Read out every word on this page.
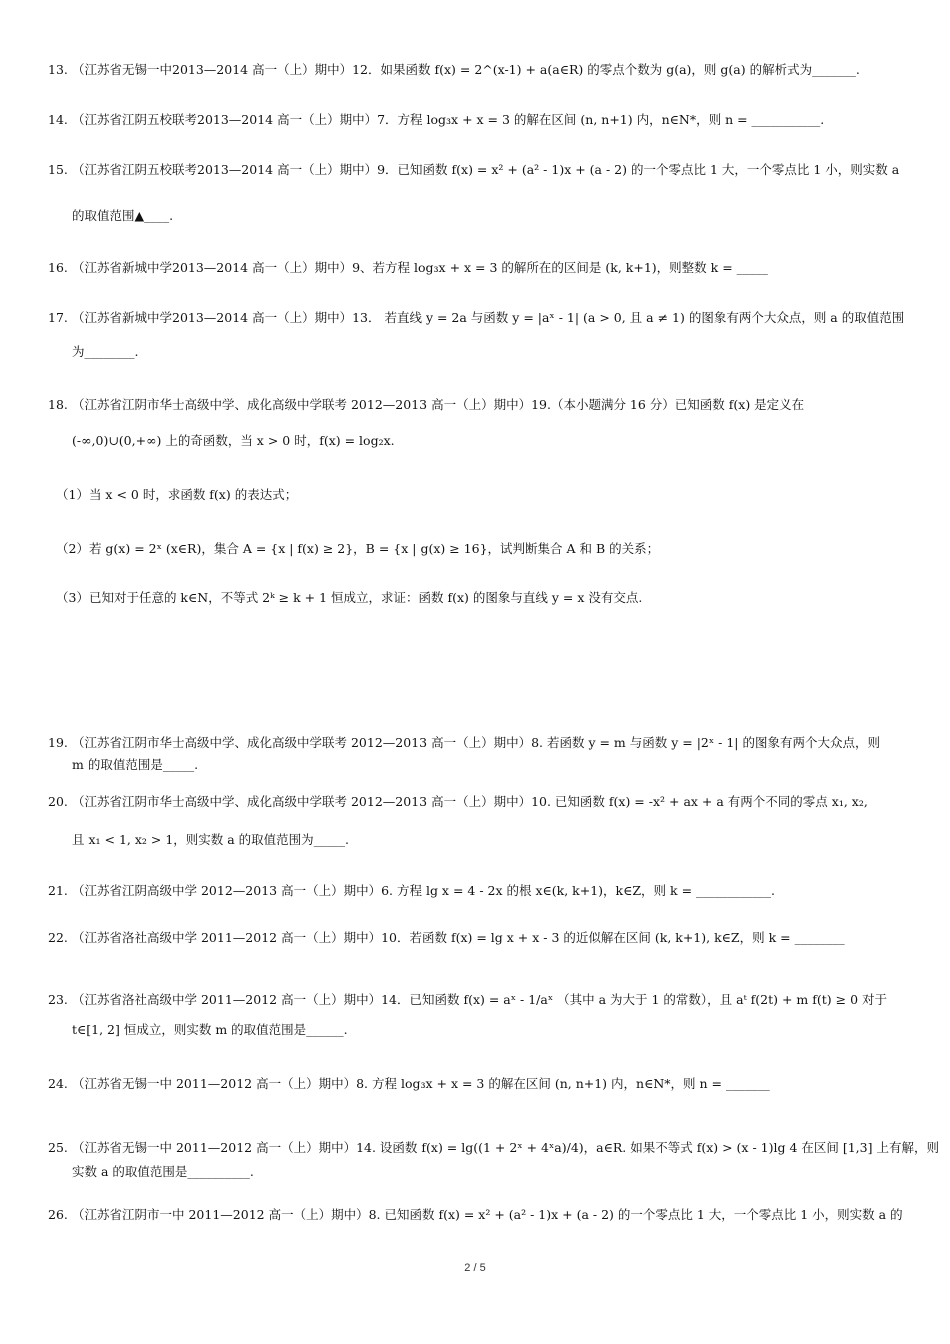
13. （江苏省无锡一中2013—2014 高一（上）期中）12．如果函数 f(x) = 2^(x-1) + a(a∈R) 的零点个数为 g(a)，则 g(a) 的解析式为_______.
14. （江苏省江阴五校联考2013—2014 高一（上）期中）7．方程 log₃x + x = 3 的解在区间 (n, n+1) 内，n∈N*，则 n = ___________.
15. （江苏省江阴五校联考2013—2014 高一（上）期中）9．已知函数 f(x) = x² + (a² - 1)x + (a - 2) 的一个零点比 1 大，一个零点比 1 小，则实数 a
的取值范围▲____.
16. （江苏省新城中学2013—2014 高一（上）期中）9、若方程 log₃x + x = 3 的解所在的区间是 (k, k+1)，则整数 k = _____
17. （江苏省新城中学2013—2014 高一（上）期中）13． 若直线 y = 2a 与函数 y = |aˣ - 1| (a > 0, 且 a ≠ 1) 的图象有两个大众点，则 a 的取值范围
为________.
18. （江苏省江阴市华士高级中学、成化高级中学联考 2012—2013 高一（上）期中）19.（本小题满分 16 分）已知函数 f(x) 是定义在
(-∞,0)∪(0,+∞) 上的奇函数，当 x > 0 时，f(x) = log₂x.
（1）当 x < 0 时，求函数 f(x) 的表达式；
（2）若 g(x) = 2ˣ (x∈R)，集合 A = {x | f(x) ≥ 2}，B = {x | g(x) ≥ 16}，试判断集合 A 和 B 的关系；
（3）已知对于任意的 k∈N，不等式 2ᵏ ≥ k + 1 恒成立，求证：函数 f(x) 的图象与直线 y = x 没有交点.
19. （江苏省江阴市华士高级中学、成化高级中学联考 2012—2013 高一（上）期中）8. 若函数 y = m 与函数 y = |2ˣ - 1| 的图象有两个大众点，则
m 的取值范围是_____.
20. （江苏省江阴市华士高级中学、成化高级中学联考 2012—2013 高一（上）期中）10. 已知函数 f(x) = -x² + ax + a 有两个不同的零点 x₁, x₂,
且 x₁ < 1, x₂ > 1，则实数 a 的取值范围为_____.
21. （江苏省江阴高级中学 2012—2013 高一（上）期中）6. 方程 lg x = 4 - 2x 的根 x∈(k, k+1)，k∈Z，则 k = ____________.
22. （江苏省洛社高级中学 2011—2012 高一（上）期中）10．若函数 f(x) = lg x + x - 3 的近似解在区间 (k, k+1), k∈Z，则 k = ________
23. （江苏省洛社高级中学 2011—2012 高一（上）期中）14．已知函数 f(x) = aˣ - 1/aˣ （其中 a 为大于 1 的常数），且 aᵗ f(2t) + m f(t) ≥ 0 对于
t∈[1, 2] 恒成立，则实数 m 的取值范围是______.
24. （江苏省无锡一中 2011—2012 高一（上）期中）8. 方程 log₃x + x = 3 的解在区间 (n, n+1) 内，n∈N*，则 n = _______
25. （江苏省无锡一中 2011—2012 高一（上）期中）14. 设函数 f(x) = lg((1 + 2ˣ + 4ˣa)/4)，a∈R. 如果不等式 f(x) > (x - 1)lg 4 在区间 [1,3] 上有解，则
实数 a 的取值范围是__________.
26. （江苏省江阴市一中 2011—2012 高一（上）期中）8. 已知函数 f(x) = x² + (a² - 1)x + (a - 2) 的一个零点比 1 大，一个零点比 1 小，则实数 a 的
2 / 5
